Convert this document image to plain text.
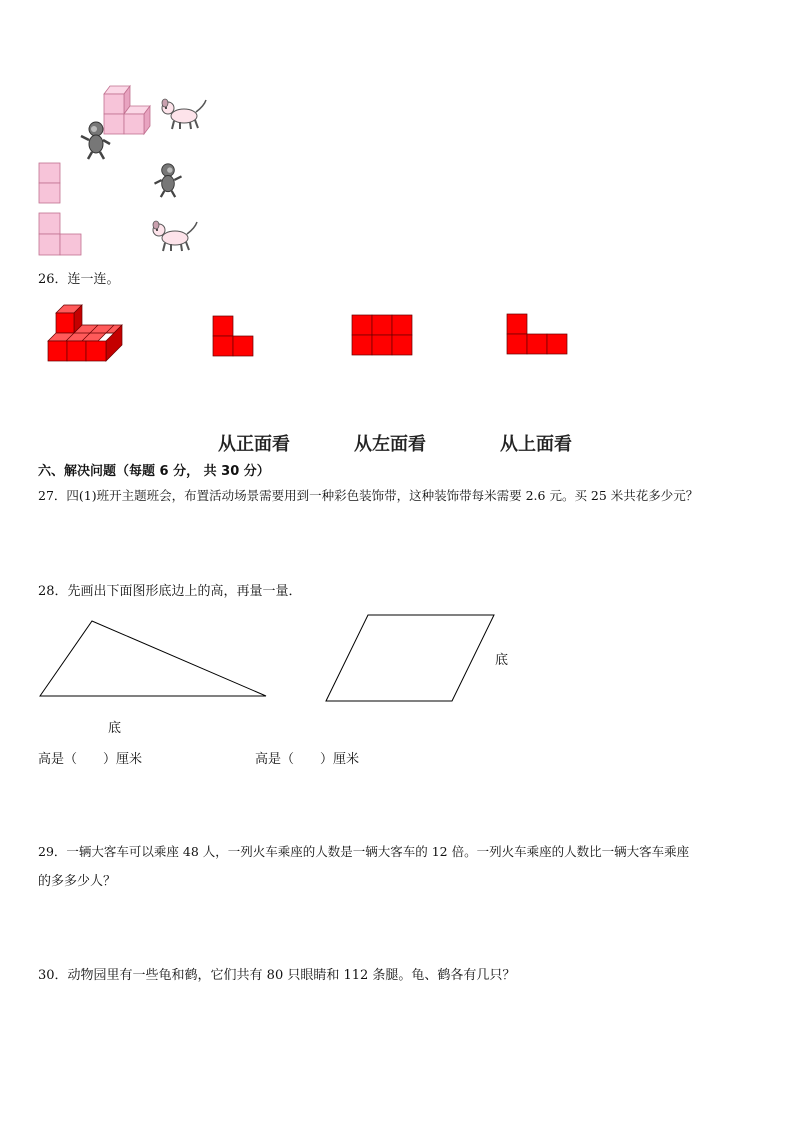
26．连一连。
从正面看	从左面看	从上面看
六、解决问题（每题 6 分， 共 30 分）
27．四(1)班开主题班会，布置活动场景需要用到一种彩色装饰带，这种装饰带每米需要 2.6 元。买 25 米共花多少元？
28．先画出下面图形底边上的高，再量一量．
底
底
高是（　　）厘米	高是（　　）厘米
29．一辆大客车可以乘座 48 人，一列火车乘座的人数是一辆大客车的 12 倍。一列火车乘座的人数比一辆大客车乘座
的多多少人？
30．动物园里有一些龟和鹤，它们共有 80 只眼睛和 112 条腿。龟、鹤各有几只？
